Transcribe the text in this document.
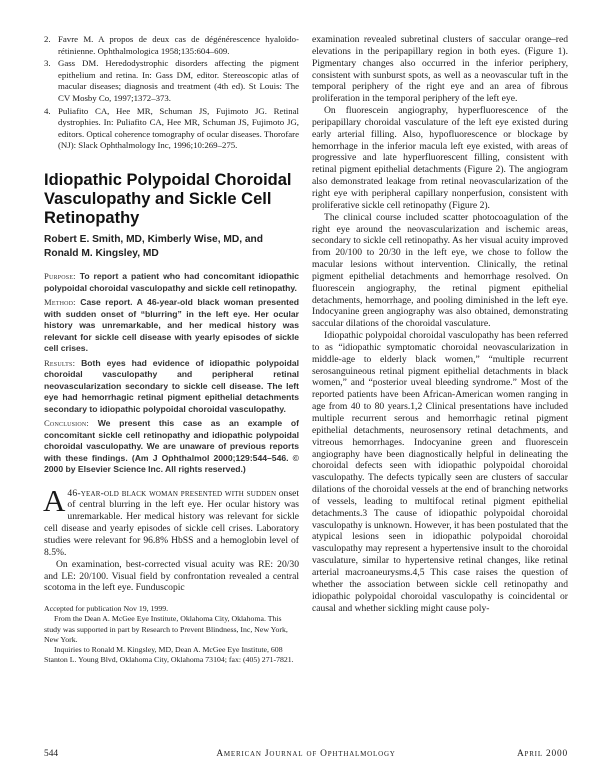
2. Favre M. A propos de deux cas de dégénérescence hyaloïdo-rétinienne. Ophthalmologica 1958;135:604–609.
3. Gass DM. Heredodystrophic disorders affecting the pigment epithelium and retina. In: Gass DM, editor. Stereoscopic atlas of macular diseases; diagnosis and treatment (4th ed). St Louis: The CV Mosby Co, 1997;1372–373.
4. Puliafito CA, Hee MR, Schuman JS, Fujimoto JG. Retinal dystrophies. In: Puliafito CA, Hee MR, Schuman JS, Fujimoto JG, editors. Optical coherence tomography of ocular diseases. Thorofare (NJ): Slack Ophthalmology Inc, 1996;10:269–275.
Idiopathic Polypoidal Choroidal Vasculopathy and Sickle Cell Retinopathy
Robert E. Smith, MD, Kimberly Wise, MD, and Ronald M. Kingsley, MD

Purpose: To report a patient who had concomitant idiopathic polypoidal choroidal vasculopathy and sickle cell retinopathy.

Method: Case report. A 46-year-old black woman presented with sudden onset of “blurring” in the left eye. Her ocular history was unremarkable, and her medical history was relevant for sickle cell disease with yearly episodes of sickle cell crises.

Results: Both eyes had evidence of idiopathic polypoidal choroidal vasculopathy and peripheral retinal neovascularization secondary to sickle cell disease. The left eye had hemorrhagic retinal pigment epithelial detachments secondary to idiopathic polypoidal choroidal vasculopathy.

Conclusion: We present this case as an example of concomitant sickle cell retinopathy and idiopathic polypoidal choroidal vasculopathy. We are unaware of previous reports with these findings. (Am J Ophthalmol 2000;129:544–546. © 2000 by Elsevier Science Inc. All rights reserved.)

A 46-year-old black woman presented with sudden onset of central blurring in the left eye. Her ocular history was unremarkable. Her medical history was relevant for sickle cell disease and yearly episodes of sickle cell crises. Laboratory studies were relevant for 96.8% HbSS and a hemoglobin level of 8.5%.

On examination, best-corrected visual acuity was RE: 20/30 and LE: 20/100. Visual field by confrontation revealed a central scotoma in the left eye. Funduscopic

Accepted for publication Nov 19, 1999.

From the Dean A. McGee Eye Institute, Oklahoma City, Oklahoma. This study was supported in part by Research to Prevent Blindness, Inc, New York, New York.

Inquiries to Ronald M. Kingsley, MD, Dean A. McGee Eye Institute, 608 Stanton L. Young Blvd, Oklahoma City, Oklahoma 73104; fax: (405) 271-7821.

examination revealed subretinal clusters of saccular orange–red elevations in the peripapillary region in both eyes. (Figure 1). Pigmentary changes also occurred in the inferior periphery, consistent with sunburst spots, as well as a neovascular tuft in the temporal periphery of the right eye and an area of fibrous proliferation in the temporal periphery of the left eye.

On fluorescein angiography, hyperfluorescence of the peripapillary choroidal vasculature of the left eye existed during early arterial filling. Also, hypofluorescence or blockage by hemorrhage in the inferior macula left eye existed, with areas of progressive and late hyperfluorescent filling, consistent with retinal pigment epithelial detachments (Figure 2). The angiogram also demonstrated leakage from retinal neovascularization of the right eye with peripheral capillary nonperfusion, consistent with proliferative sickle cell retinopathy (Figure 2).

The clinical course included scatter photocoagulation of the right eye around the neovascularization and ischemic areas, secondary to sickle cell retinopathy. As her visual acuity improved from 20/100 to 20/30 in the left eye, we chose to follow the macular lesions without intervention. Clinically, the retinal pigment epithelial detachments and hemorrhage resolved. On fluorescein angiography, the retinal pigment epithelial detachments, hemorrhage, and pooling diminished in the left eye. Indocyanine green angiography was also obtained, demonstrating saccular dilations of the choroidal vasculature.

Idiopathic polypoidal choroidal vasculopathy has been referred to as “idiopathic symptomatic choroidal neovascularization in middle-age to elderly black women,” “multiple recurrent serosanguineous retinal pigment epithelial detachments in black women,” and “posterior uveal bleeding syndrome.” Most of the reported patients have been African-American women ranging in age from 40 to 80 years.1,2 Clinical presentations have included multiple recurrent serous and hemorrhagic retinal pigment epithelial detachments, neurosensory retinal detachments, and vitreous hemorrhages. Indocyanine green and fluorescein angiography have been diagnostically helpful in delineating the choroidal defects seen with idiopathic polypoidal choroidal vasculopathy. The defects typically seen are clusters of saccular dilations of the choroidal vessels at the end of branching networks of vessels, leading to multifocal retinal pigment epithelial detachments.3 The cause of idiopathic polypoidal choroidal vasculopathy is unknown. However, it has been postulated that the atypical lesions seen in idiopathic polypoidal choroidal vasculopathy may represent a hypertensive insult to the choroidal vasculature, similar to hypertensive retinal changes, like retinal arterial macroaneurysms.4,5 This case raises the question of whether the association between sickle cell retinopathy and idiopathic polypoidal choroidal vasculopathy is coincidental or causal and whether sickling might cause poly-

544	American Journal of Ophthalmology	April 2000
